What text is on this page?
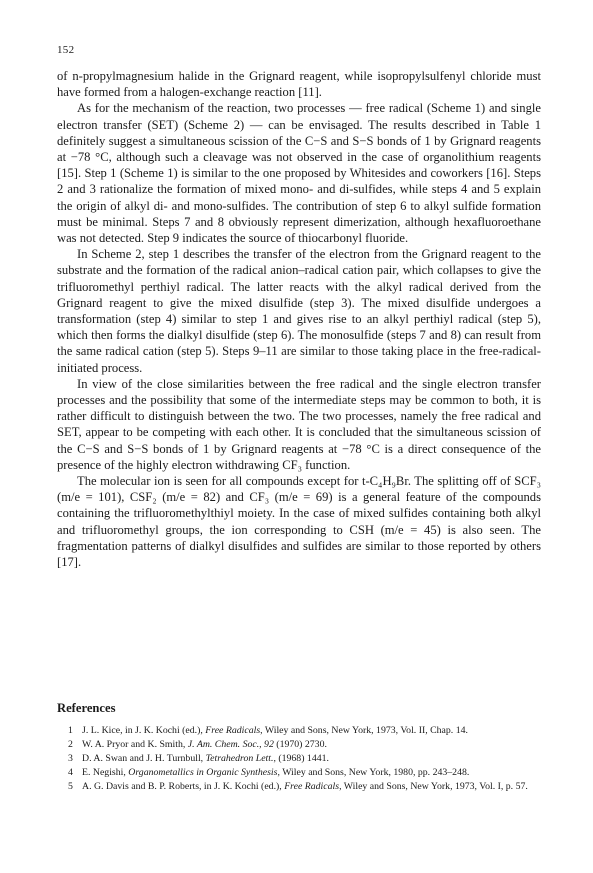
152

of n-propylmagnesium halide in the Grignard reagent, while isopropylsulfenyl chloride must have formed from a halogen-exchange reaction [11].

As for the mechanism of the reaction, two processes — free radical (Scheme 1) and single electron transfer (SET) (Scheme 2) — can be envisaged. The results described in Table 1 definitely suggest a simultaneous scission of the C−S and S−S bonds of 1 by Grignard reagents at −78 °C, although such a cleavage was not observed in the case of organolithium reagents [15]. Step 1 (Scheme 1) is similar to the one proposed by Whitesides and coworkers [16]. Steps 2 and 3 rationalize the formation of mixed mono- and di-sulfides, while steps 4 and 5 explain the origin of alkyl di- and mono-sulfides. The contribution of step 6 to alkyl sulfide formation must be minimal. Steps 7 and 8 obviously represent dimerization, although hexafluoroethane was not detected. Step 9 indicates the source of thiocarbonyl fluoride.

In Scheme 2, step 1 describes the transfer of the electron from the Grignard reagent to the substrate and the formation of the radical anion–radical cation pair, which collapses to give the trifluoromethyl perthiyl radical. The latter reacts with the alkyl radical derived from the Grignard reagent to give the mixed disulfide (step 3). The mixed disulfide undergoes a transformation (step 4) similar to step 1 and gives rise to an alkyl perthiyl radical (step 5), which then forms the dialkyl disulfide (step 6). The monosulfide (steps 7 and 8) can result from the same radical cation (step 5). Steps 9–11 are similar to those taking place in the free-radical-initiated process.

In view of the close similarities between the free radical and the single electron transfer processes and the possibility that some of the intermediate steps may be common to both, it is rather difficult to distinguish between the two. The two processes, namely the free radical and SET, appear to be competing with each other. It is concluded that the simultaneous scission of the C−S and S−S bonds of 1 by Grignard reagents at −78 °C is a direct consequence of the presence of the highly electron withdrawing CF₃ function.

The molecular ion is seen for all compounds except for t-C₄H₉Br. The splitting off of SCF₃ (m/e = 101), CSF₂ (m/e = 82) and CF₃ (m/e = 69) is a general feature of the compounds containing the trifluoromethylthiyl moiety. In the case of mixed sulfides containing both alkyl and trifluoromethyl groups, the ion corresponding to CSH (m/e = 45) is also seen. The fragmentation patterns of dialkyl disulfides and sulfides are similar to those reported by others [17].

References
1 J. L. Kice, in J. K. Kochi (ed.), Free Radicals, Wiley and Sons, New York, 1973, Vol. II, Chap. 14.
2 W. A. Pryor and K. Smith, J. Am. Chem. Soc., 92 (1970) 2730.
3 D. A. Swan and J. H. Turnbull, Tetrahedron Lett., (1968) 1441.
4 E. Negishi, Organometallics in Organic Synthesis, Wiley and Sons, New York, 1980, pp. 243–248.
5 A. G. Davis and B. P. Roberts, in J. K. Kochi (ed.), Free Radicals, Wiley and Sons, New York, 1973, Vol. I, p. 57.
